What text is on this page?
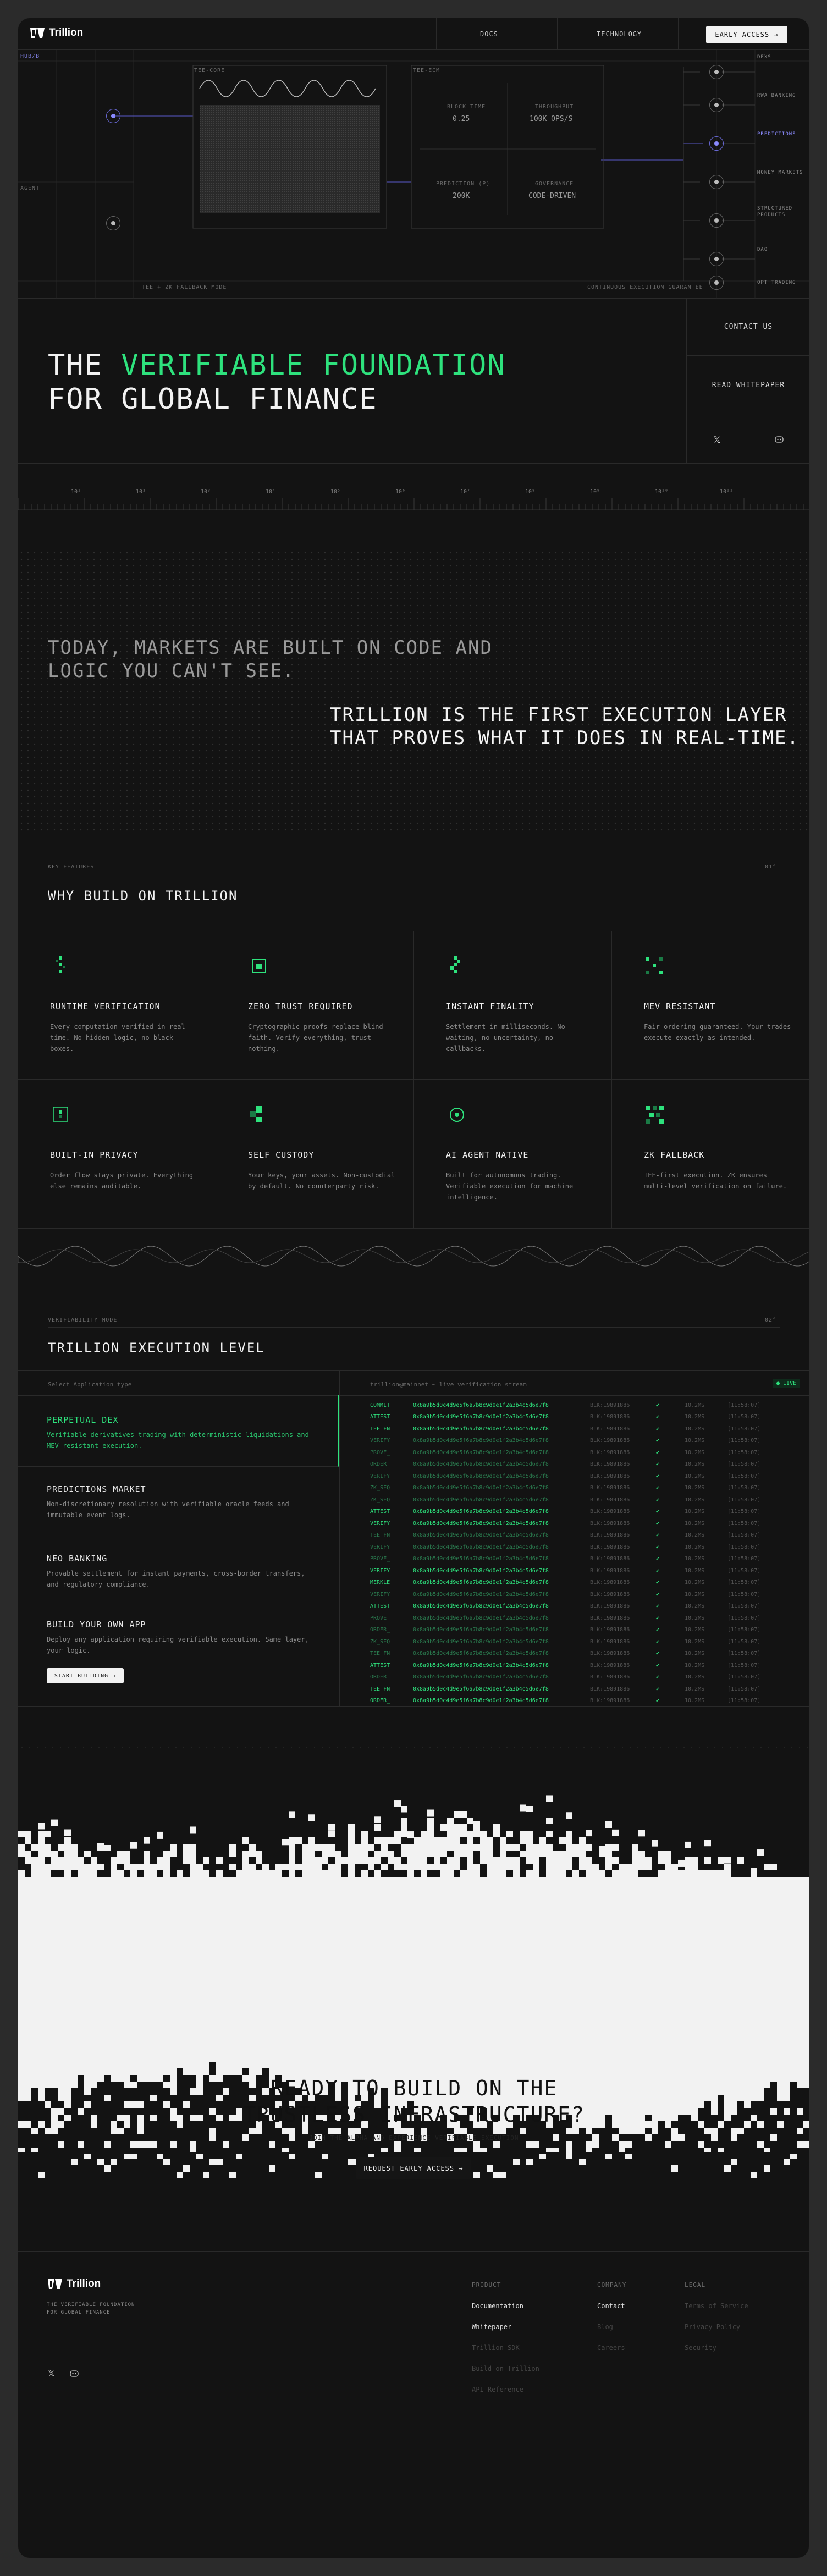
Trillion	DOCS	TECHNOLOGY	EARLY ACCESS →
HUB/B
AGENT
TEE-CORE	TEE-ECM
BLOCK TIME
0.25
THROUGHPUT
100K OPS/S
PREDICTION (P)
200K
GOVERNANCE
CODE-DRIVEN
TEE + ZK FALLBACK MODE	CONTINUOUS EXECUTION GUARANTEE
DEXS
RWA BANKING
PREDICTIONS
MONEY MARKETS
STRUCTURED PRODUCTS
DAO
OPT TRADING
THE VERIFIABLE FOUNDATION
FOR GLOBAL FINANCE
CONTACT US
READ WHITEPAPER
𝕏
10¹	10²	10³	10⁴	10⁵	10⁶	10⁷	10⁸	10⁹	10¹⁰	10¹¹
TODAY, MARKETS ARE BUILT ON CODE AND
LOGIC YOU CAN'T SEE.
TRILLION IS THE FIRST EXECUTION LAYER
THAT PROVES WHAT IT DOES IN REAL-TIME.
KEY FEATURES	01°
WHY BUILD ON TRILLION
RUNTIME VERIFICATION
Every computation verified in real-time. No hidden logic, no black boxes.
ZERO TRUST REQUIRED
Cryptographic proofs replace blind faith. Verify everything, trust nothing.
INSTANT FINALITY
Settlement in milliseconds. No waiting, no uncertainty, no callbacks.
MEV RESISTANT
Fair ordering guaranteed. Your trades execute exactly as intended.
BUILT-IN PRIVACY
Order flow stays private. Everything else remains auditable.
SELF CUSTODY
Your keys, your assets. Non-custodial by default. No counterparty risk.
AI AGENT NATIVE
Built for autonomous trading. Verifiable execution for machine intelligence.
ZK FALLBACK
TEE-first execution. ZK ensures multi-level verification on failure.
VERIFIABILITY MODE	02°
TRILLION EXECUTION LEVEL
Select Application type
PERPETUAL DEX
Verifiable derivatives trading with deterministic liquidations and MEV-resistant execution.
PREDICTIONS MARKET
Non-discretionary resolution with verifiable oracle feeds and immutable event logs.
NEO BANKING
Provable settlement for instant payments, cross-border transfers, and regulatory compliance.
BUILD YOUR OWN APP
Deploy any application requiring verifiable execution. Same layer, your logic.
START BUILDING →
trillion@mainnet ~ live verification stream	● LIVE
COMMIT	0x8a9b5d0c4d9e5f6a7b8c9d0e1f2a3b4c5d6e7f8	BLK:19891886	✔	10.2MS	[11:58:07]
ATTEST	0x8a9b5d0c4d9e5f6a7b8c9d0e1f2a3b4c5d6e7f8	BLK:19891886	✔	10.2MS	[11:58:07]
TEE_FN	0x8a9b5d0c4d9e5f6a7b8c9d0e1f2a3b4c5d6e7f8	BLK:19891886	✔	10.2MS	[11:58:07]
VERIFY	0x8a9b5d0c4d9e5f6a7b8c9d0e1f2a3b4c5d6e7f8	BLK:19891886	✔	10.2MS	[11:58:07]
PROVE_	0x8a9b5d0c4d9e5f6a7b8c9d0e1f2a3b4c5d6e7f8	BLK:19891886	✔	10.2MS	[11:58:07]
ORDER_	0x8a9b5d0c4d9e5f6a7b8c9d0e1f2a3b4c5d6e7f8	BLK:19891886	✔	10.2MS	[11:58:07]
VERIFY	0x8a9b5d0c4d9e5f6a7b8c9d0e1f2a3b4c5d6e7f8	BLK:19891886	✔	10.2MS	[11:58:07]
ZK_SEQ	0x8a9b5d0c4d9e5f6a7b8c9d0e1f2a3b4c5d6e7f8	BLK:19891886	✔	10.2MS	[11:58:07]
ZK_SEQ	0x8a9b5d0c4d9e5f6a7b8c9d0e1f2a3b4c5d6e7f8	BLK:19891886	✔	10.2MS	[11:58:07]
ATTEST	0x8a9b5d0c4d9e5f6a7b8c9d0e1f2a3b4c5d6e7f8	BLK:19891886	✔	10.2MS	[11:58:07]
VERIFY	0x8a9b5d0c4d9e5f6a7b8c9d0e1f2a3b4c5d6e7f8	BLK:19891886	✔	10.2MS	[11:58:07]
TEE_FN	0x8a9b5d0c4d9e5f6a7b8c9d0e1f2a3b4c5d6e7f8	BLK:19891886	✔	10.2MS	[11:58:07]
VERIFY	0x8a9b5d0c4d9e5f6a7b8c9d0e1f2a3b4c5d6e7f8	BLK:19891886	✔	10.2MS	[11:58:07]
PROVE_	0x8a9b5d0c4d9e5f6a7b8c9d0e1f2a3b4c5d6e7f8	BLK:19891886	✔	10.2MS	[11:58:07]
VERIFY	0x8a9b5d0c4d9e5f6a7b8c9d0e1f2a3b4c5d6e7f8	BLK:19891886	✔	10.2MS	[11:58:07]
MERKLE	0x8a9b5d0c4d9e5f6a7b8c9d0e1f2a3b4c5d6e7f8	BLK:19891886	✔	10.2MS	[11:58:07]
VERIFY	0x8a9b5d0c4d9e5f6a7b8c9d0e1f2a3b4c5d6e7f8	BLK:19891886	✔	10.2MS	[11:58:07]
ATTEST	0x8a9b5d0c4d9e5f6a7b8c9d0e1f2a3b4c5d6e7f8	BLK:19891886	✔	10.2MS	[11:58:07]
PROVE_	0x8a9b5d0c4d9e5f6a7b8c9d0e1f2a3b4c5d6e7f8	BLK:19891886	✔	10.2MS	[11:58:07]
ORDER_	0x8a9b5d0c4d9e5f6a7b8c9d0e1f2a3b4c5d6e7f8	BLK:19891886	✔	10.2MS	[11:58:07]
ZK_SEQ	0x8a9b5d0c4d9e5f6a7b8c9d0e1f2a3b4c5d6e7f8	BLK:19891886	✔	10.2MS	[11:58:07]
TEE_FN	0x8a9b5d0c4d9e5f6a7b8c9d0e1f2a3b4c5d6e7f8	BLK:19891886	✔	10.2MS	[11:58:07]
ATTEST	0x8a9b5d0c4d9e5f6a7b8c9d0e1f2a3b4c5d6e7f8	BLK:19891886	✔	10.2MS	[11:58:07]
ORDER_	0x8a9b5d0c4d9e5f6a7b8c9d0e1f2a3b4c5d6e7f8	BLK:19891886	✔	10.2MS	[11:58:07]
TEE_FN	0x8a9b5d0c4d9e5f6a7b8c9d0e1f2a3b4c5d6e7f8	BLK:19891886	✔	10.2MS	[11:58:07]
ORDER_	0x8a9b5d0c4d9e5f6a7b8c9d0e1f2a3b4c5d6e7f8	BLK:19891886	✔	10.2MS	[11:58:07]
READY TO BUILD ON THE
TRUSTLESS INFRASTRUCTURE?
JOIN THE ALPHA AND EXPERIENCE VERIFIABLE EXECUTION
REQUEST EARLY ACCESS →
Trillion
THE VERIFIABLE FOUNDATION
FOR GLOBAL FINANCE
PRODUCT	COMPANY	LEGAL
Documentation
Whitepaper
Trillion SDK
Build on Trillion
API Reference
Contact
Blog
Careers
Terms of Service
Privacy Policy
Security
𝕏
